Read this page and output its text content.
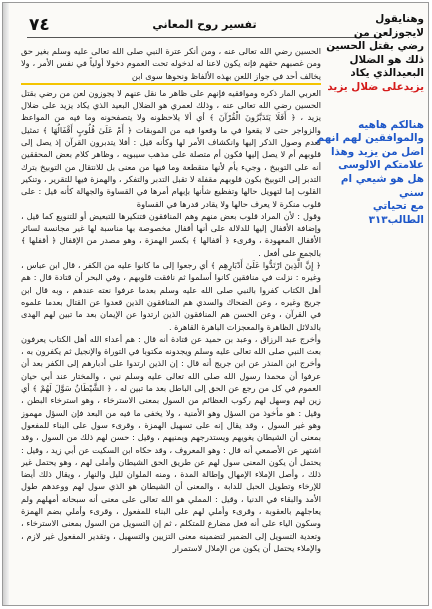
٧٤	تفسير روح المعاني

الحسين رضي الله تعالى عنه ، ومن أنكر عترة النبي صلى الله تعالى عليه وسلم بغير حق ومن غصبهم حقهم فإنه يكون لاعنا له لدخوله تحت العموم دخولا أولياً في نفس الأمر ، ولا يخالف أحد في جواز اللعن بهذه الألفاظ ونحوها سوى ابن

العربي المار ذكره وموافقيه فإنهم على ظاهر ما نقل عنهم لا يجوزون لعن من رضي بقتل الحسين رضي الله تعالى عنه ، وذلك لعمري هو الضلال البعيد الذي يكاد يزيد على ضلال يزيد ، ﴿ أَفَلَا يَتَدَبَّرُونَ الْقُرْآنَ ﴾ أي ألا يلاحظونه ولا يتصفحونه وما فيه من المواعظ والزواجر حتى لا يقعوا في ما وقعوا فيه من الموبقات ﴿ أَمْ عَلَىٰ قُلُوبٍ أَقْفَالُهَا ﴾ تمثيل لعدم وصول الذكر إليها وانكشاف الأمر لها وكأنه قيل : أفلا يتدبرون القرآن إذ يصل إلى قلوبهم أم لا يصل إليها فكون أم متصلة على مذهب سيبويه ، وظاهر كلام بعض المحققين أنه على التوبيخ ، وجيء بأم لأنها منقطعة وما فيها من معنى بل للانتقال من التوبيخ بترك التدبر إلى التوبيخ بكون قلوبهم مقفلة لا تقبل التدبر والتفكر ، والهمزة فيها للتقرير ، وتنكير القلوب إما لتهويل حالها وتفظيع شأنها بإبهام أمرها في القساوة والجهالة كأنه قيل : على قلوب منكرة لا يعرف حالها ولا يقادر قدرها في القساوة

وقول : لأن المراد قلوب بعض منهم وهم المنافقون فتنكيرها للتبعيض أو للتنويع كما قيل ، وإضافة الأقفال إليها للدلالة على أنها أقفال مخصوصة بها مناسبة لها غير مجانسة لسائر الأقفال المعهودة ، وقرىء ﴿ أقفالها ﴾ بكسر الهمزة ، وهو مصدر من الإقفال ﴿ أقفلها ﴾ بالجمع على أفعل .

﴿ إِنَّ الَّذِينَ ارْتَدُّوا عَلَىٰ أَدْبَارِهِم ﴾ أي رجعوا إلى ما كانوا عليه من الكفر ، قال ابن عباس ، وغيره : نزلت في منافقين كانوا أسلموا ثم نافقت قلوبهم ، وفي البحر أن قتادة قال : هم أهل الكتاب كفروا بالنبي صلى الله عليه وسلم بعدما عرفوا نعته عندهم ، وبه قال ابن جريج وغيره ، وعن الضحاك والسدي هم المنافقون الذين قعدوا عن القتال بعدما علموه في القرآن ، وعن الحسن هم المنافقون الذين ارتدوا عن الإيمان بعد ما تبين لهم الهدى بالدلائل الظاهرة والمعجزات الباهرة القاهرة .

وأخرج عبد الرزاق ، وعبد بن حميد عن قتادة أنه قال : هم أعداء الله أهل الكتاب يعرفون بعث النبي صلى الله تعالى عليه وسلم ويجدونه مكتوبا في التوراة والإنجيل ثم يكفرون به ، وأخرج ابن المنذر عن ابن جريج أنه قال : إن الذين ارتدوا على أدبارهم إلى الكفر بعد أن عرفوا أن محمدا رسول الله صلى الله تعالى عليه وسلم نبي ، والمختار عند أبي حيان العموم في كل من رجع عن الحق إلى الباطل بعد ما تبين له ، ﴿ الشَّيْطَانُ سَوَّلَ لَهُمْ ﴾ أي زين لهم وسهل لهم ركوب العظائم من السول بمعنى الاسترخاء ، وهو استرخاء البطن ، وقيل : هو مأخوذ من السؤل وهو الأمنية ، ولا يخفى ما فيه من البعد فإن السؤل مهموز وهو غير السول ، وقد يقال إنه على تسهيل الهمزة ، وقرىء سول على البناء للمفعول بمعنى أن الشيطان يغويهم ويستدرجهم ويمنيهم ، وقيل : حسن لهم ذلك من السول ، وقد اشتهر عن الأصمعي أنه قال : وهو المعروف ، وقد حكاه ابن السكيت عن أبي زيد ، وقيل : يحتمل أن يكون المعنى سول لهم عن طريق الحق الشيطان وأملى لهم ، وهو يحتمل غير ذلك ، وأصل الإملاء الإمهال وإطالة المدة ، ومنه الملوان لليل والنهار ، ويقال ذلك أيضا للإرخاء وتطويل الحبل للدابة ، والمعنى أن الشيطان هو الذي سول لهم ووعدهم طول الأمد والبقاء في الدنيا ، وقيل : المملي هو الله تعالى على معنى أنه سبحانه أمهلهم ولم يعاجلهم بالعقوبة ، وقرىء وأملي لهم على البناء للمفعول ، وقرىء وأملي بضم الهمزة وسكون الياء على أنه فعل مضارع للمتكلم ، ثم إن التسويل من السول بمعنى الاسترخاء ، وتعدية التسويل إلى الضمير لتضمينه معنى التزيين والتسهيل ، وتقدير المفعول غير لازم ، والإملاء يحتمل أن يكون من الإملال لاستمرار

وهنايقول

لايجوزلعن من

رضي بقتل الحسين

ذلك هو الضلال

البعيدالذي يكاد

يزيدعلى ضلال يزيد

هنالكم هاهيه

والموافقين لهم انهم

اضل من يزيد وهذا

علامتكم الالوسى

هل هو شيعي ام

سني

مع تحياتي

الطالب٣١٣
